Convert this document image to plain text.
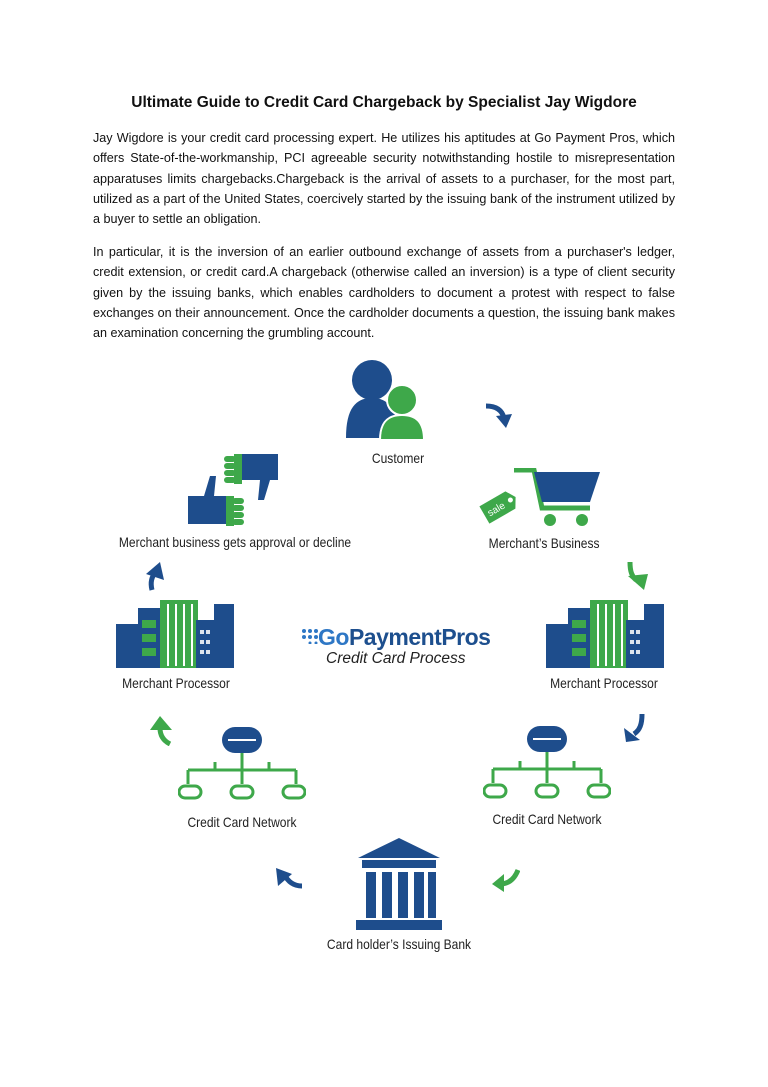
Ultimate Guide to Credit Card Chargeback by Specialist Jay Wigdore

Jay Wigdore is your credit card processing expert. He utilizes his aptitudes at Go Payment Pros, which offers State-of-the-workmanship, PCI agreeable security notwithstanding hostile to misrepresentation apparatuses limits chargebacks.Chargeback is the arrival of assets to a purchaser, for the most part, utilized as a part of the United States, coercively started by the issuing bank of the instrument utilized by a buyer to settle an obligation.

In particular, it is the inversion of an earlier outbound exchange of assets from a purchaser's ledger, credit extension, or credit card.A chargeback (otherwise called an inversion) is a type of client security given by the issuing banks, which enables cardholders to document a protest with respect to false exchanges on their announcement. Once the cardholder documents a question, the issuing bank makes an examination concerning the grumbling account.

Customer
sale
Merchant’s Business
Merchant Processor
GoPaymentPros
Credit Card Process
Credit Card Network
Card holder’s Issuing Bank
Credit Card Network
Merchant Processor
Merchant business gets approval or decline
